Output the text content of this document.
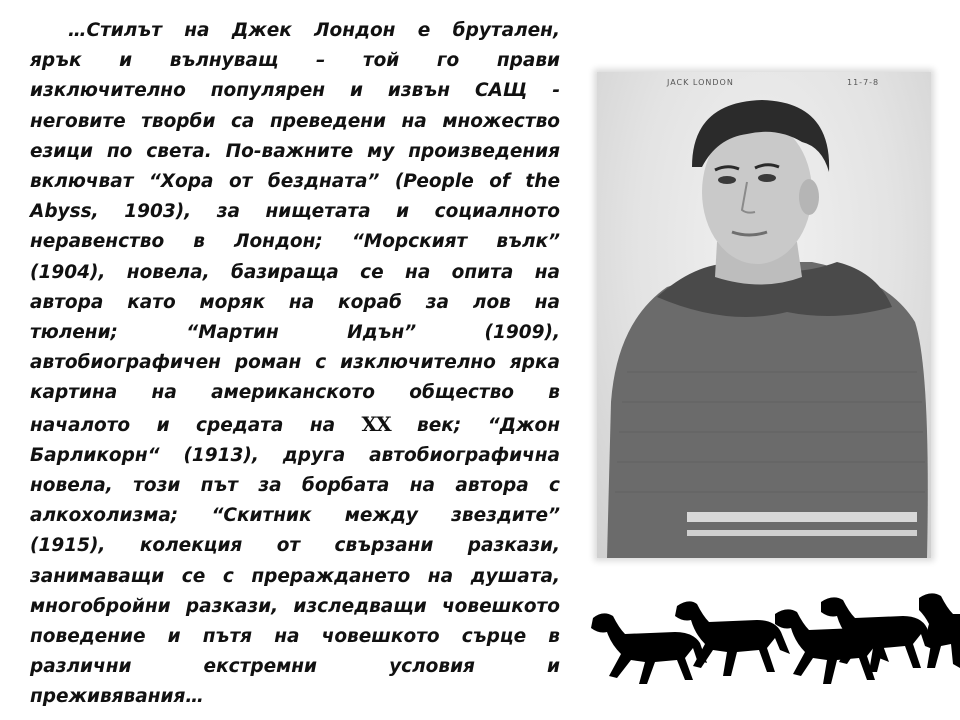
…Стилът на Джек Лондон е брутален,
ярък и вълнуващ – той го прави
изключително популярен и извън САЩ -
неговите творби са преведени на множество
езици по света. По-важните му произведения
включват “Хора от бездната” (People of the
Abyss, 1903), за нищетата и социалното
неравенство в Лондон; “Морският вълк”
(1904), новела, базираща се на опита на
автора като моряк на кораб за лов на
тюлени; “Мартин Идън” (1909),
автобиографичен роман с изключително ярка
картина на американското общество в
началото и средата на XX век; “Джон
Барликорн“ (1913), друга автобиографична
новела, този път за борбата на автора с
алкохолизма; “Скитник между звездите”
(1915), колекция от свързани разкази,
занимаващи се с прераждането на душата,
многобройни разкази, изследващи човешкото
поведение и пътя на човешкото сърце в
различни екстремни условия и
преживявания…
JACK LONDON	11-7-8
